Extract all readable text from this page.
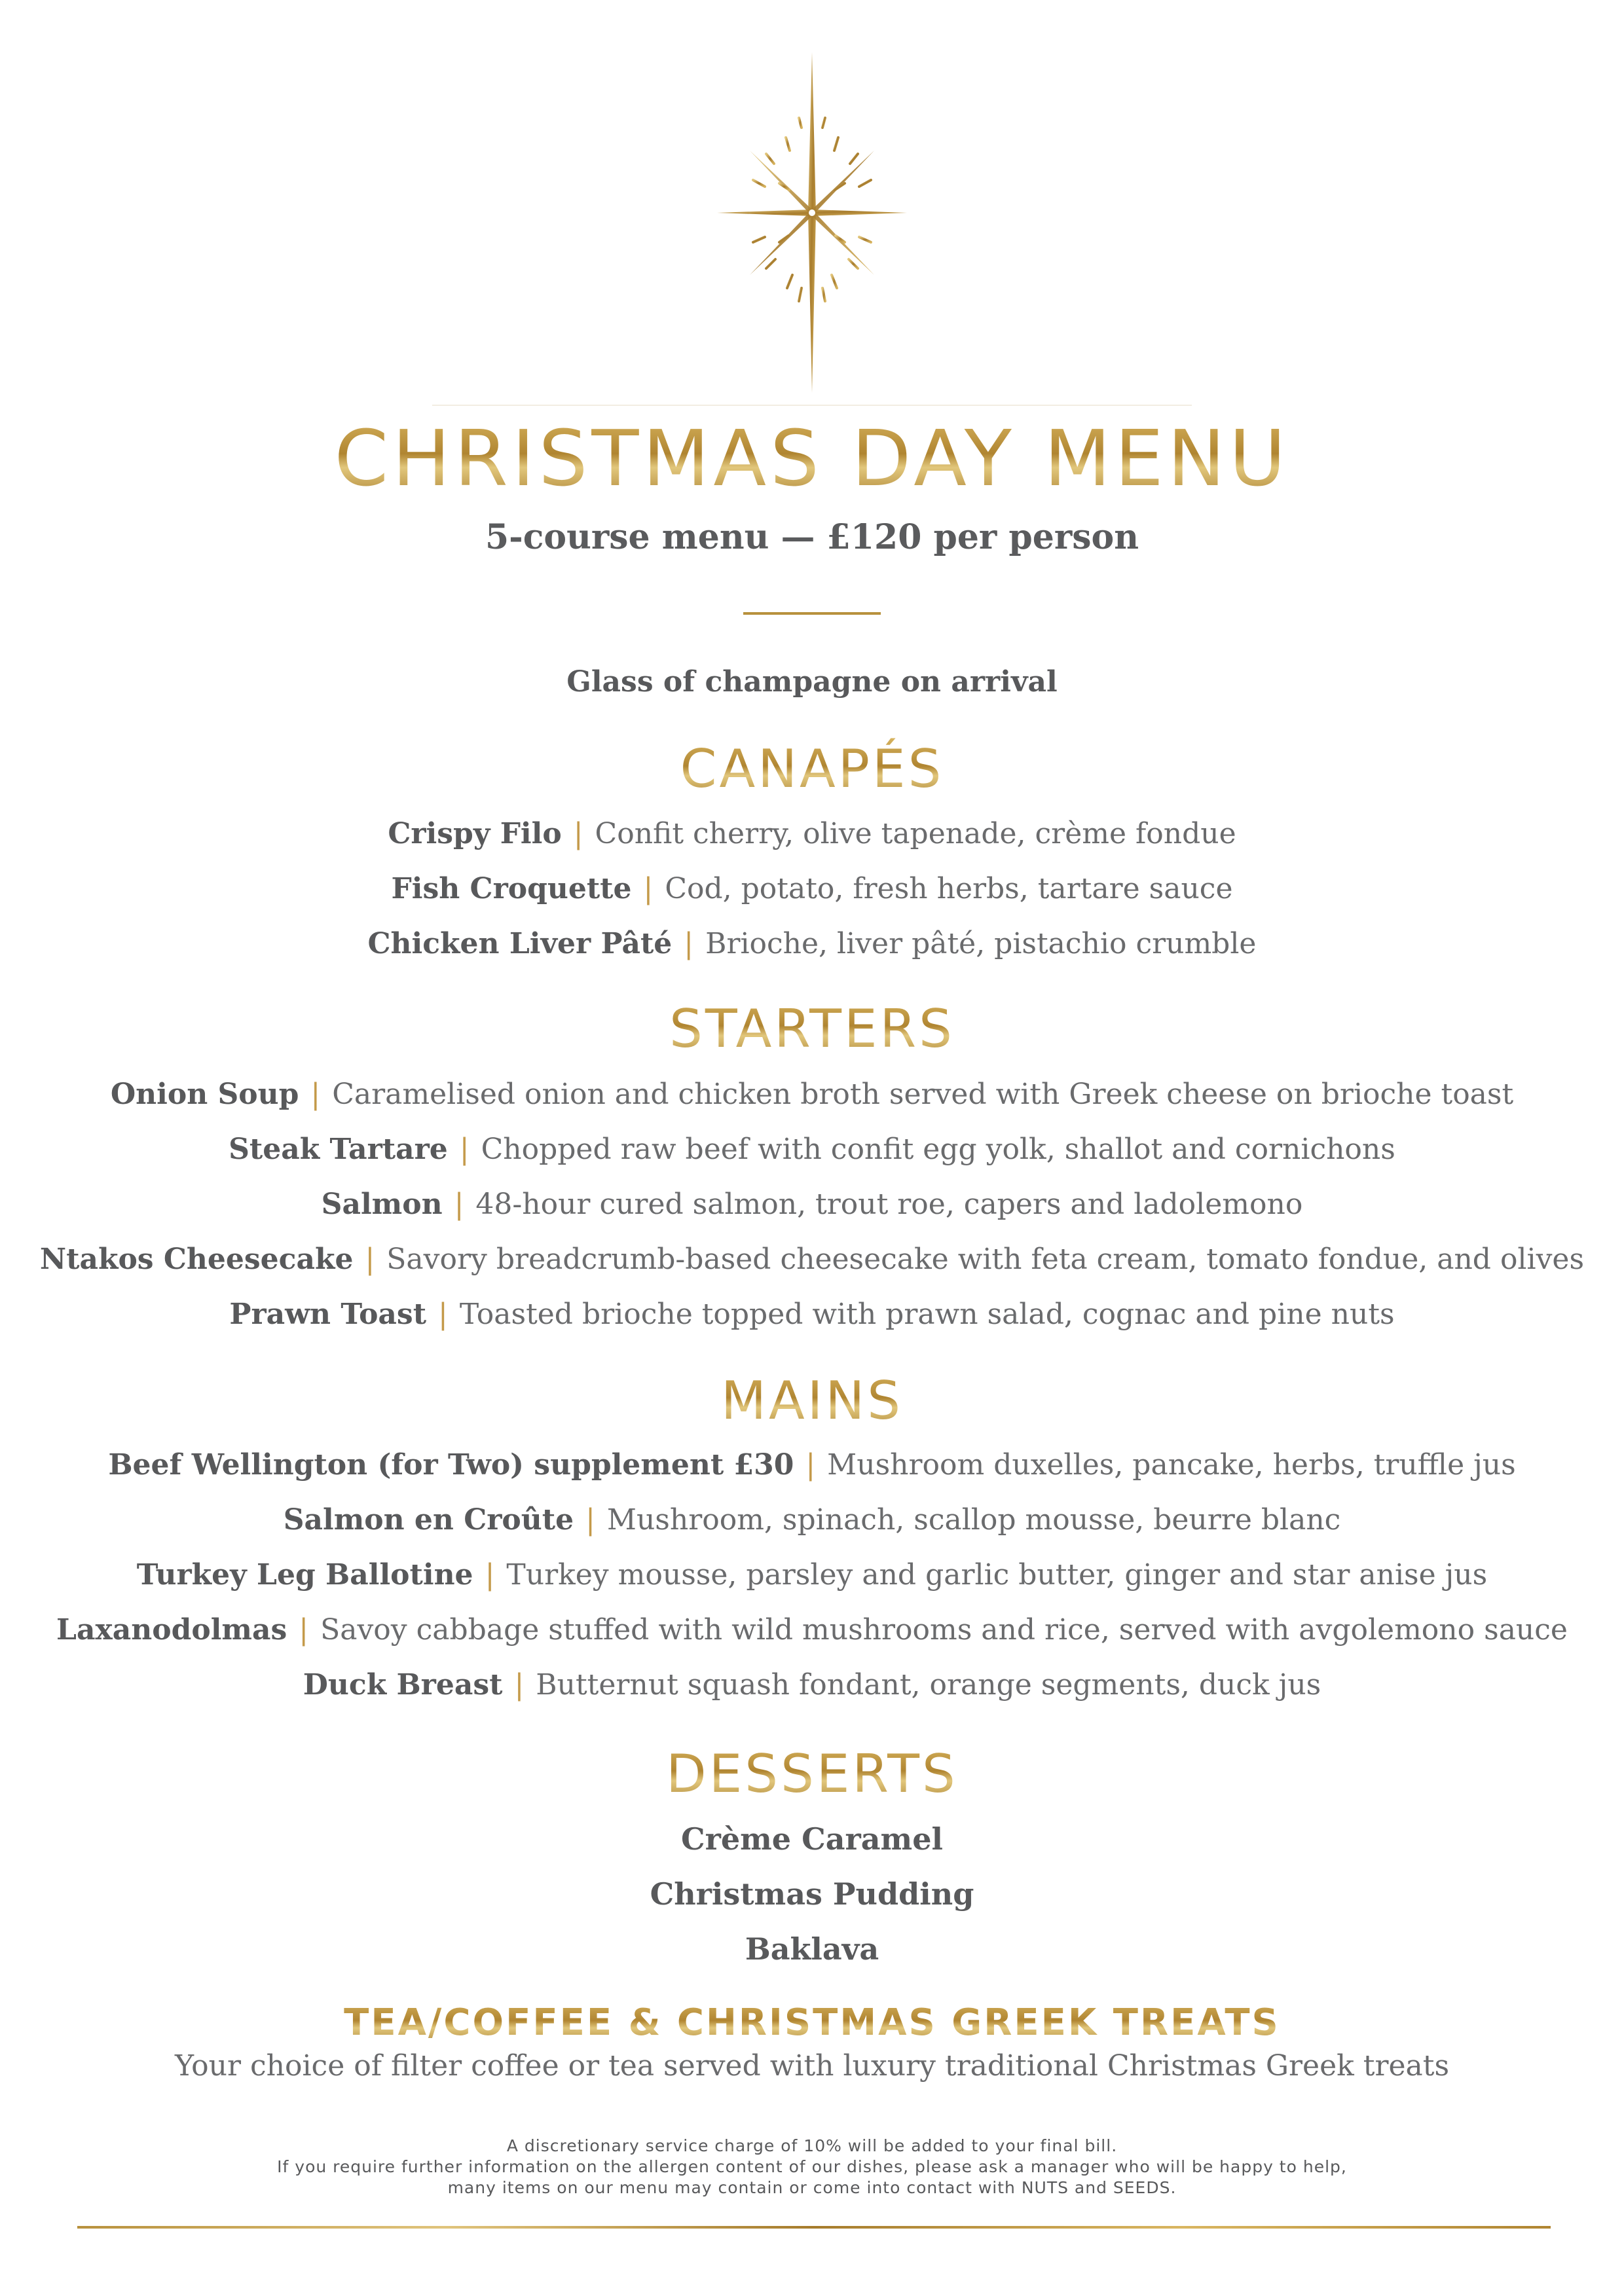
CHRISTMAS DAY MENU
5-course menu — £120 per person
Glass of champagne on arrival
CANAPÉS
Crispy Filo | Confit cherry, olive tapenade, crème fondue
Fish Croquette | Cod, potato, fresh herbs, tartare sauce
Chicken Liver Pâté | Brioche, liver pâté, pistachio crumble
STARTERS
Onion Soup | Caramelised onion and chicken broth served with Greek cheese on brioche toast
Steak Tartare | Chopped raw beef with confit egg yolk, shallot and cornichons
Salmon | 48-hour cured salmon, trout roe, capers and ladolemono
Ntakos Cheesecake | Savory breadcrumb-based cheesecake with feta cream, tomato fondue, and olives
Prawn Toast | Toasted brioche topped with prawn salad, cognac and pine nuts
MAINS
Beef Wellington (for Two) supplement £30 | Mushroom duxelles, pancake, herbs, truffle jus
Salmon en Croûte | Mushroom, spinach, scallop mousse, beurre blanc
Turkey Leg Ballotine | Turkey mousse, parsley and garlic butter, ginger and star anise jus
Laxanodolmas | Savoy cabbage stuffed with wild mushrooms and rice, served with avgolemono sauce
Duck Breast | Butternut squash fondant, orange segments, duck jus
DESSERTS
Crème Caramel
Christmas Pudding
Baklava
TEA/COFFEE & CHRISTMAS GREEK TREATS
Your choice of filter coffee or tea served with luxury traditional Christmas Greek treats
A discretionary service charge of 10% will be added to your final bill.
If you require further information on the allergen content of our dishes, please ask a manager who will be happy to help,
many items on our menu may contain or come into contact with NUTS and SEEDS.
